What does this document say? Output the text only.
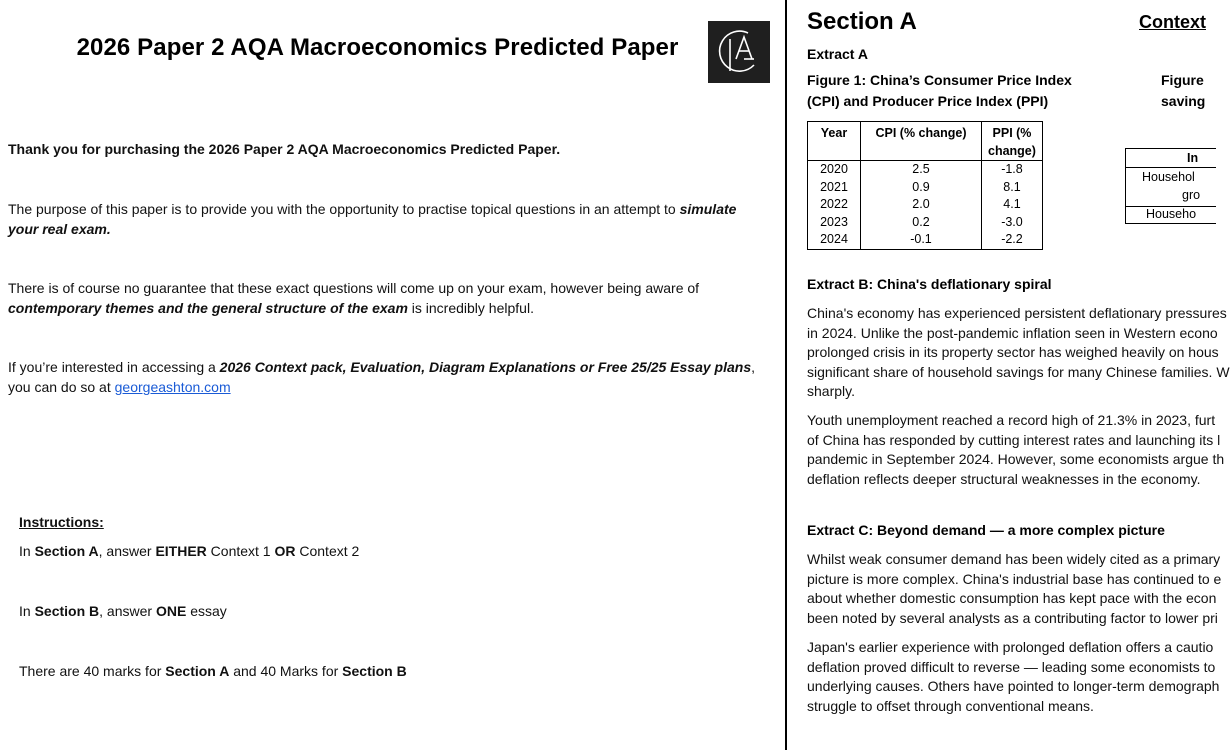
2026 Paper 2 AQA Macroeconomics Predicted Paper
Thank you for purchasing the 2026 Paper 2 AQA Macroeconomics Predicted Paper.
The purpose of this paper is to provide you with the opportunity to practise topical questions in an attempt to simulate your real exam.
There is of course no guarantee that these exact questions will come up on your exam, however being aware of contemporary themes and the general structure of the exam is incredibly helpful.
If you’re interested in accessing a 2026 Context pack, Evaluation, Diagram Explanations or Free 25/25 Essay plans, you can do so at georgeashton.com
Instructions:
In Section A, answer EITHER Context 1 OR Context 2
In Section B, answer ONE essay
There are 40 marks for Section A and 40 Marks for Section B
Section A	Context
Extract A
Figure 1: China’s Consumer Price Index
(CPI) and Producer Price Index (PPI)
Figure
saving
Year	CPI (% change)	PPI (%
change)

2020	2.5	-1.8
2021	0.9	8.1
2022	2.0	4.1
2023	0.2	-3.0
2024	-0.1	-2.2
In
Househol
gro
Househo
Extract B: China's deflationary spiral
China's economy has experienced persistent deflationary pressures
in 2024. Unlike the post-pandemic inflation seen in Western econo
prolonged crisis in its property sector has weighed heavily on hous
significant share of household savings for many Chinese families. W
sharply.
Youth unemployment reached a record high of 21.3% in 2023, furt
of China has responded by cutting interest rates and launching its l
pandemic in September 2024. However, some economists argue th
deflation reflects deeper structural weaknesses in the economy.
Extract C: Beyond demand — a more complex picture
Whilst weak consumer demand has been widely cited as a primary
picture is more complex. China's industrial base has continued to e
about whether domestic consumption has kept pace with the econ
been noted by several analysts as a contributing factor to lower pri
Japan's earlier experience with prolonged deflation offers a cautio
deflation proved difficult to reverse — leading some economists to
underlying causes. Others have pointed to longer-term demograph
struggle to offset through conventional means.
